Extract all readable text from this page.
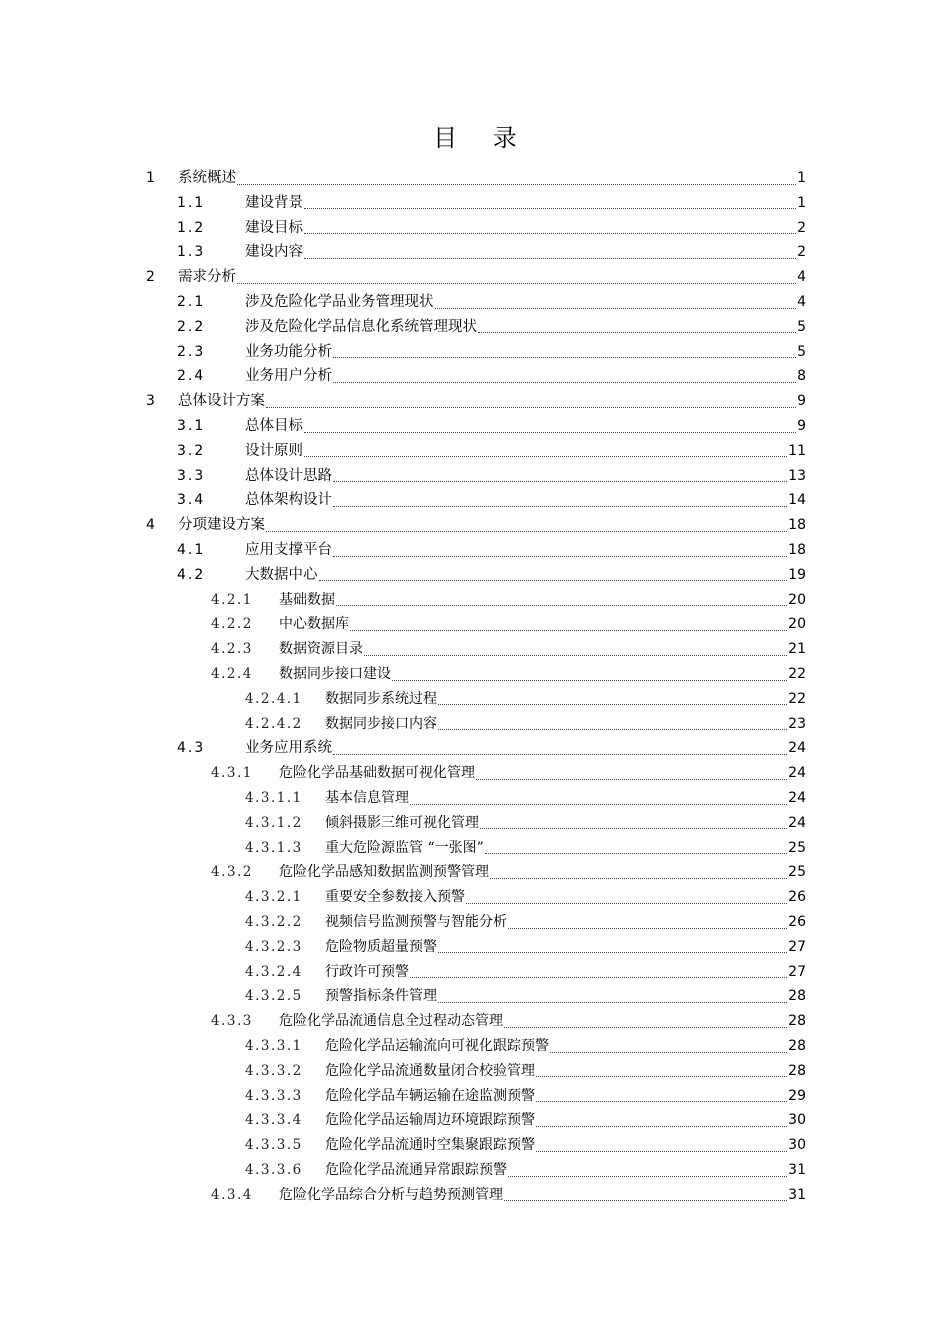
目 录
1 系统概述	1
1.1	建设背景	1
1.2	建设目标	2
1.3	建设内容	2
2 需求分析	4
2.1	涉及危险化学品业务管理现状	4
2.2	涉及危险化学品信息化系统管理现状	5
2.3	业务功能分析	5
2.4	业务用户分析	8
3 总体设计方案	9
3.1	总体目标	9
3.2	设计原则	11
3.3	总体设计思路	13
3.4	总体架构设计	14
4 分项建设方案	18
4.1	应用支撑平台	18
4.2	大数据中心	19
4.2.1 基础数据	20
4.2.2 中心数据库	20
4.2.3 数据资源目录	21
4.2.4 数据同步接口建设	22
4.2.4.1 数据同步系统过程	22
4.2.4.2 数据同步接口内容	23
4.3	业务应用系统	24
4.3.1 危险化学品基础数据可视化管理	24
4.3.1.1 基本信息管理	24
4.3.1.2 倾斜摄影三维可视化管理	24
4.3.1.3 重大危险源监管 “一张图”	25
4.3.2 危险化学品感知数据监测预警管理	25
4.3.2.1 重要安全参数接入预警	26
4.3.2.2 视频信号监测预警与智能分析	26
4.3.2.3 危险物质超量预警	27
4.3.2.4 行政许可预警	27
4.3.2.5 预警指标条件管理	28
4.3.3 危险化学品流通信息全过程动态管理	28
4.3.3.1 危险化学品运输流向可视化跟踪预警	28
4.3.3.2 危险化学品流通数量闭合校验管理	28
4.3.3.3 危险化学品车辆运输在途监测预警	29
4.3.3.4 危险化学品运输周边环境跟踪预警	30
4.3.3.5 危险化学品流通时空集聚跟踪预警	30
4.3.3.6 危险化学品流通异常跟踪预警	31
4.3.4 危险化学品综合分析与趋势预测管理	31
